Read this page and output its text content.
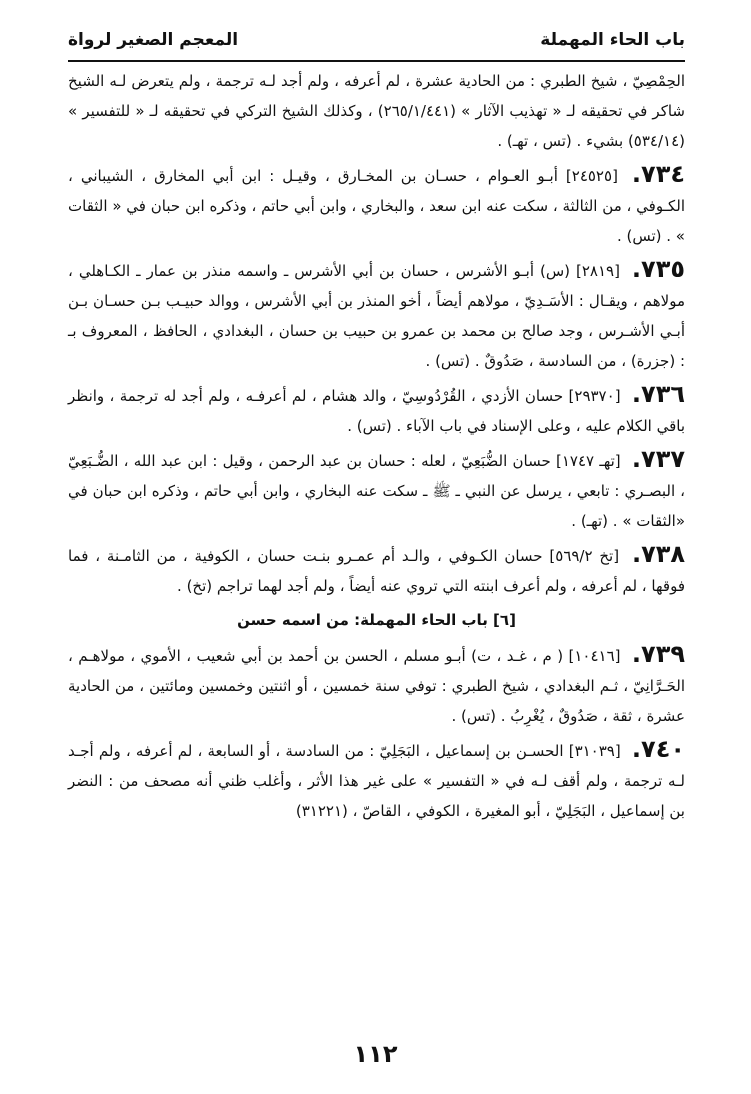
باب الحاء المهملة
المعجم الصغير لرواة

الحِمْصِيّ ، شيخ الطبري : من الحادية عشرة ، لم أعرفه ، ولم أجد لـه ترجمة ، ولم يتعرض لـه الشيخ شاكر في تحقيقه لـ « تهذيب الآثار » (٢٦٥/١/٤٤١) ، وكذلك الشيخ التركي في تحقيقه لـ « للتفسير » (٥٣٤/١٤) بشيء . (تس ، تهـ) .

٧٣٤. [٢٤٥٢٥] أبـو العـوام ، حسـان بن المخـارق ، وقيـل : ابن أبي المخارق ، الشيباني ، الكـوفي ، من الثالثة ، سكت عنه ابن سعد ، والبخاري ، وابن أبي حاتم ، وذكره ابن حبان في « الثقات » . (تس) .

٧٣٥. [٢٨١٩] (س) أبـو الأشرس ، حسان بن أبي الأشرس ـ واسمه منذر بن عمار ـ الكـاهلي ، مولاهم ، ويقـال : الأسَـدِيّ ، مولاهم أيضاً ، أخو المنذر بن أبي الأشرس ، ووالد حبيـب بـن حسـان بـن أبـي الأشـرس ، وجد صالح بن محمد بن عمرو بن حبيب بن حسان ، البغدادي ، الحافظ ، المعروف بـ : (جزرة) ، من السادسة ، صَدُوقٌ . (تس) .

٧٣٦. [٢٩٣٧٠] حسان الأزدي ، القُرْدُوسِيّ ، والد هشام ، لم أعرفـه ، ولم أجد له ترجمة ، وانظر باقي الكلام عليه ، وعلى الإسناد في باب الآباء . (تس) .

٧٣٧. [تهـ ١٧٤٧] حسان الضُّبَعِيّ ، لعله : حسان بن عبد الرحمن ، وقيل : ابن عبد الله ، الضُّـبَعِيّ ، البصـري : تابعي ، يرسل عن النبي ـ ﷺ ـ سكت عنه البخاري ، وابن أبي حاتم ، وذكره ابن حبان في «الثقات » . (تهـ) .

٧٣٨. [تخ ٥٦٩/٢] حسان الكـوفي ، والـد أم عمـرو بنـت حسان ، الكوفية ، من الثامـنة ، فما فوقها ، لم أعرفه ، ولم أعرف ابنته التي تروي عنه أيضاً ، ولم أجد لهما تراجم (تخ) .

[٦] باب الحاء المهملة: من اسمه حسن

٧٣٩. [١٠٤١٦] ( م ، غـد ، ت) أبـو مسلم ، الحسن بن أحمد بن أبي شعيب ، الأموي ، مولاهـم ، الحَـرَّانِيّ ، ثـم البغدادي ، شيخ الطبري : توفي سنة خمسين ، أو اثنتين وخمسين ومائتين ، من الحادية عشرة ، ثقة ، صَدُوقٌ ، يُغْرِبُ . (تس) .

٧٤٠. [٣١٠٣٩] الحسـن بن إسماعيل ، البَجَلِيّ : من السادسة ، أو السابعة ، لم أعرفه ، ولم أجـد لـه ترجمة ، ولم أقف لـه في « التفسير » على غير هذا الأثر ، وأغلب ظني أنه مصحف من : النضر بن إسماعيل ، البَجَلِيّ ، أبو المغيرة ، الكوفي ، القاصّ ، (٣١٢٢١)

١١٢
